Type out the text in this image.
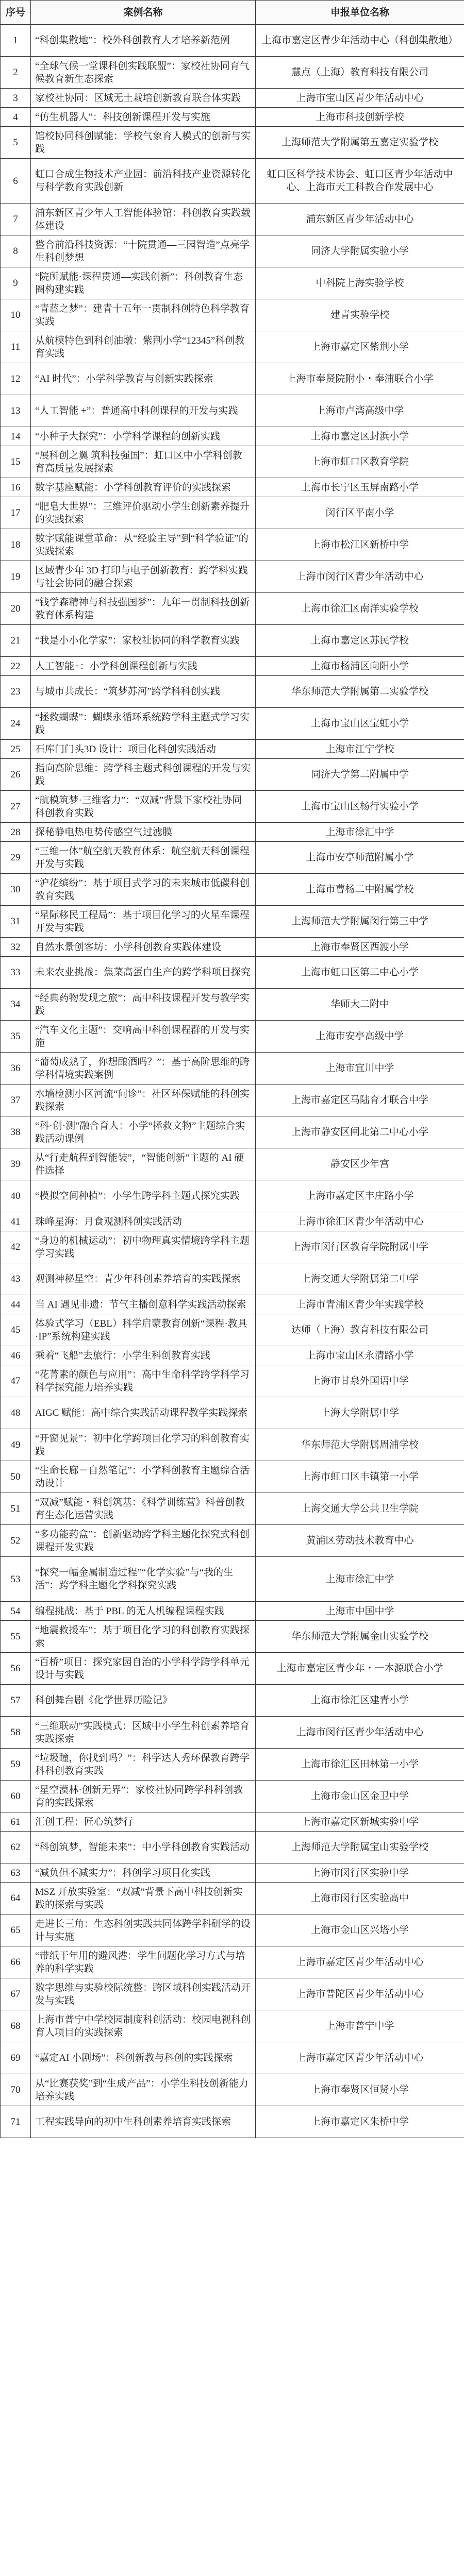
序号	案例名称	申报单位名称
1	“科创集散地”：校外科创教育人才培养新范例	上海市嘉定区青少年活动中心（科创集散地）
2	“全球气候一堂课科创实践联盟”：家校社协同育气候教育新生态探索	慧点（上海）教育科技有限公司
3	家校社协同：区域无土栽培创新教育联合体实践	上海市宝山区青少年活动中心
4	“仿生机器人”：科技创新课程开发与实施	上海市科技创新学校
5	馆校协同科创赋能：学校气象育人模式的创新与实践	上海师范大学附属第五嘉定实验学校
6	虹口合成生物技术产业园：前沿科技产业资源转化与科学教育实践创新	虹口区科学技术协会、虹口区青少年活动中心、上海市天工科教合作发展中心
7	浦东新区青少年人工智能体验馆：科创教育实践载体建设	浦东新区青少年活动中心
8	整合前沿科技资源：“十院贯通—三园智造”点亮学生科创梦想	同济大学附属实验小学
9	“院所赋能·课程贯通—实践创新”：科创教育生态圈构建实践	中科院上海实验学校
10	“青蓝之梦”：建青十五年一贯制科创特色科学教育实践	建青实验学校
11	从航模特色到科创油墩：紫荆小学“12345”科创教育实践	上海市嘉定区紫荆小学
12	“AI 时代”：小学科学教育与创新实践探索	上海市奉贤院附小・奉浦联合小学
13	“人工智能 +”：普通高中科创课程的开发与实践	上海市卢湾高级中学
14	“小种子大探究”：小学科学课程的创新实践	上海市嘉定区封浜小学
15	“展科创之翼 筑科技强国”：虹口区中小学科创教育高质量发展探索	上海市虹口区教育学院
16	数字基座赋能：小学科创教育评价的实践探索	上海市长宁区玉屏南路小学
17	“肥皂大世界”：三维评价驱动小学生创新素养提升的实践探索	闵行区平南小学
18	数字赋能课堂革命：从“经验主导”到“科学验证”的实践探索	上海市松江区新桥中学
19	区域青少年 3D 打印与电子创新教育：跨学科实践与社会协同的融合探索	上海市闵行区青少年活动中心
20	“钱学森精神与科技强国梦”：九年一贯制科技创新教育体系构建	上海市徐汇区南洋实验学校
21	“我是小小化学家”：家校社协同的科学教育实践	上海市嘉定区苏民学校
22	人工智能+：小学科创课程创新与实践	上海市杨浦区向阳小学
23	与城市共成长：“筑梦苏河”跨学科科创实践	华东师范大学附属第二实验学校
24	“拯救蝴蝶”：蝴蝶永循环系统跨学科主题式学习实践	上海市宝山区宝虹小学
25	石库门门头3D 设计：项目化科创实践活动	上海市江宁学校
26	指向高阶思维：跨学科主题式科创课程的开发与实践	同济大学第二附属中学
27	“航模筑梦·三维客力”：“双减”背景下家校社协同科创教育实践	上海市宝山区杨行实验小学
28	探秘静电热电势传感空气过滤膜	上海市徐汇中学
29	“三维一体”航空航天教育体系：航空航天科创课程开发与实践	上海市安亭师范附属小学
30	“沪花缤纷”：基于项目式学习的未来城市低碳科创教育实践	上海市曹杨二中附属学校
31	“星际移民工程局”：基于项目化学习的火星车课程开发与实践	上海师范大学附属闵行第三中学
32	自然水景创客坊：小学科创教育实践体建设	上海市奉贤区西渡小学
33	未来农业挑战：焦菜高蛋白生产的跨学科项目探究	上海市虹口区第二中心小学
34	“经典药物发现之旅”：高中科技课程开发与教学实践	华师大二附中
35	“汽车文化主题”：交响高中科创课程群的开发与实施	上海市安亭高级中学
36	“葡萄成熟了，你想酿酒吗？”：基于高阶思维的跨学科情境实践案例	上海市宜川中学
37	水墙检测小区河流“问诊”：社区环保赋能的科创实践探索	上海市嘉定区马陆育才联合中学
38	“科·创·测”融合育人：小学“拯救文物”主题综合实践活动课例	上海市静安区闸北第二中心小学
39	从“行走航程到智能装”，“智能创新”主题的 AI 硬件选择	静安区少年宫
40	“模拟空间种植”：小学生跨学科主题式探究实践	上海市嘉定区丰庄路小学
41	珠峰星海：月食观测科创实践活动	上海市徐汇区青少年活动中心
42	“身边的机械运动”：初中物理真实情境跨学科主题学习实践	上海市闵行区教育学院附属中学
43	观测神秘星空：青少年科创素养培育的实践探索	上海交通大学附属第二中学
44	当 AI 遇见非遗：节气主播创意科学实践活动探索	上海市青浦区青少年实践学校
45	体验式学习（EBL）科学启蒙教育创新“课程·教具·IP”系统构建实践	达师（上海）教育科技有限公司
46	乘着“飞船”去旅行：小学生科创教育实践	上海市宝山区永清路小学
47	“花菁素的颜色与应用”：高中生命科学跨学科学习科学探究能力培养实践	上海市甘泉外国语中学
48	AIGC 赋能：高中综合实践活动课程教学实践探索	上海大学附属中学
49	“开窗见景”：初中化学跨项目化学习的科创教育实践	华东师范大学附属周浦学校
50	“生命长廊－自然笔记”：小学科创教育主题综合活动设计	上海市虹口区丰镇第一小学
51	“双减”赋能・科创筑基：《科学训练营》科普创教育生态化运营实践	上海交通大学公共卫生学院
52	“多功能药盒”：创新驱动跨学科主题化探究式科创课程开发实践	黄浦区劳动技术教育中心
53	“探究一幅金属制造过程”“化学实验”与“我的生活”：跨学科主题化学科探究实践	上海市徐汇中学
54	编程挑战：基于 PBL 的无人机编程课程实践	上海市中国中学
55	“地震救援车”：基于项目化学习的科创教育实践探索	华东师范大学附属金山实验学校
56	“百桥”项目：探究家园自治的小学科学跨学科单元设计与实践	上海市嘉定区青少年・一本源联合小学
57	科创舞台剧《化学世界历险记》	上海市徐汇区建青小学
58	“三维联动”实践模式：区域中小学生科创素养培育实践探索	上海市闵行区青少年活动中心
59	“垃圾瞳，你找到吗？”：科学达人秀环保教育跨学科科创教育实践	上海市徐汇区田林第一小学
60	“星空漠林·创新无界”：家校社协同跨学科科创教育的实践探索	上海市金山区金卫中学
61	汇创工程：匠心筑梦行	上海市嘉定区新城实验中学
62	“科创筑梦，智能未来”：中小学科创教育实践活动	上海师范大学附属宝山实验学校
63	“减负但不减实力”：科创学习项目化实践	上海市闵行区实验中学
64	MSZ 开放实验室：“双减”背景下高中科技创新实践的探索与实践	上海市闵行区实验高中
65	走进长三角：生态科创实践共同体跨学科研学的设计与实施	上海市金山区兴塔小学
66	“带纸干年用的避风港：学生问题化学习方式与培养的科学实践	上海市嘉定区青少年活动中心
67	数字思维与实验校际统整：跨区域科创实践活动开发与实践	上海市普陀区青少年活动中心
68	上海市普宁中学校园制度科创活动：校园电视科创育人项目的实践探索	上海市普宁中学
69	“嘉定AI 小剧场”：科创新教与科创的实践探索	上海市嘉定区青少年活动中心
70	从“比赛获奖”到“生成产品”：小学生科技创新能力培养实践	上海市奉贤区恒贤小学
71	工程实践导向的初中生科创素养培育实践探索	上海市嘉定区朱桥中学
